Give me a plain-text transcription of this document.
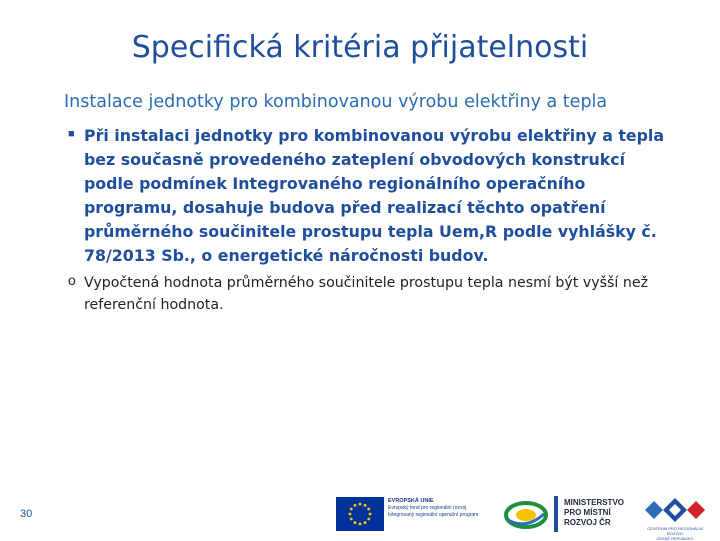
Specifická kritéria přijatelnosti
Instalace jednotky pro kombinovanou výrobu elektřiny a tepla
■ Při instalaci jednotky pro kombinovanou výrobu elektřiny a tepla bez současně provedeného zateplení obvodových konstrukcí podle podmínek Integrovaného regionálního operačního programu, dosahuje budova před realizací těchto opatření průměrného součinitele prostupu tepla Uem,R podle vyhlášky č. 78/2013 Sb., o energetické náročnosti budov.
o Vypočtená hodnota průměrného součinitele prostupu tepla nesmí být vyšší než referenční hodnota.
30
EVROPSKÁ UNIE
Evropský fond pro regionální rozvoj
Integrovaný regionální operační program
MINISTERSTVO
PRO MÍSTNÍ
ROZVOJ ČR
CENTRUM PRO REGIONÁLNÍ ROZVOJ
ČESKÉ REPUBLIKY
